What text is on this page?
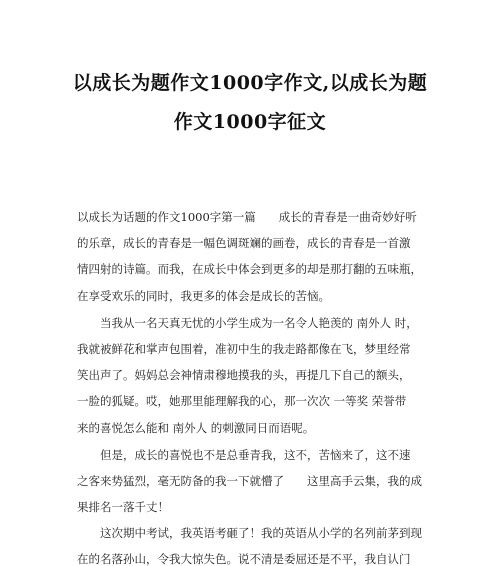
以成长为题作文1000字作文,以成长为题
作文1000字征文
以成长为话题的作文1000字第一篇　　成长的青春是一曲奇妙好听
的乐章，成长的青春是一幅色调斑斓的画卷，成长的青春是一首激
情四射的诗篇。而我，在成长中体会到更多的却是那打翻的五味瓶，
在享受欢乐的同时，我更多的体会是成长的苦恼。
　　当我从一名天真无忧的小学生成为一名令人艳羡的 南外人 时，
我就被鲜花和掌声包围着，准初中生的我走路都像在飞，梦里经常
笑出声了。妈妈总会神情肃穆地摸我的头，再提几下自己的额头，
一脸的狐疑。哎，她那里能理解我的心，那一次次 一等奖 荣誉带
来的喜悦怎么能和 南外人 的刺激同日而语呢。
　　但是，成长的喜悦也不是总垂青我，这不，苦恼来了，这不速
之客来势猛烈，毫无防备的我一下就懵了　　这里高手云集，我的成
果排名一落千丈！
　　这次期中考试，我英语考砸了！我的英语从小学的名列前茅到现
在的名落孙山，令我大惊失色。说不清是委屈还是不平，我自认门
